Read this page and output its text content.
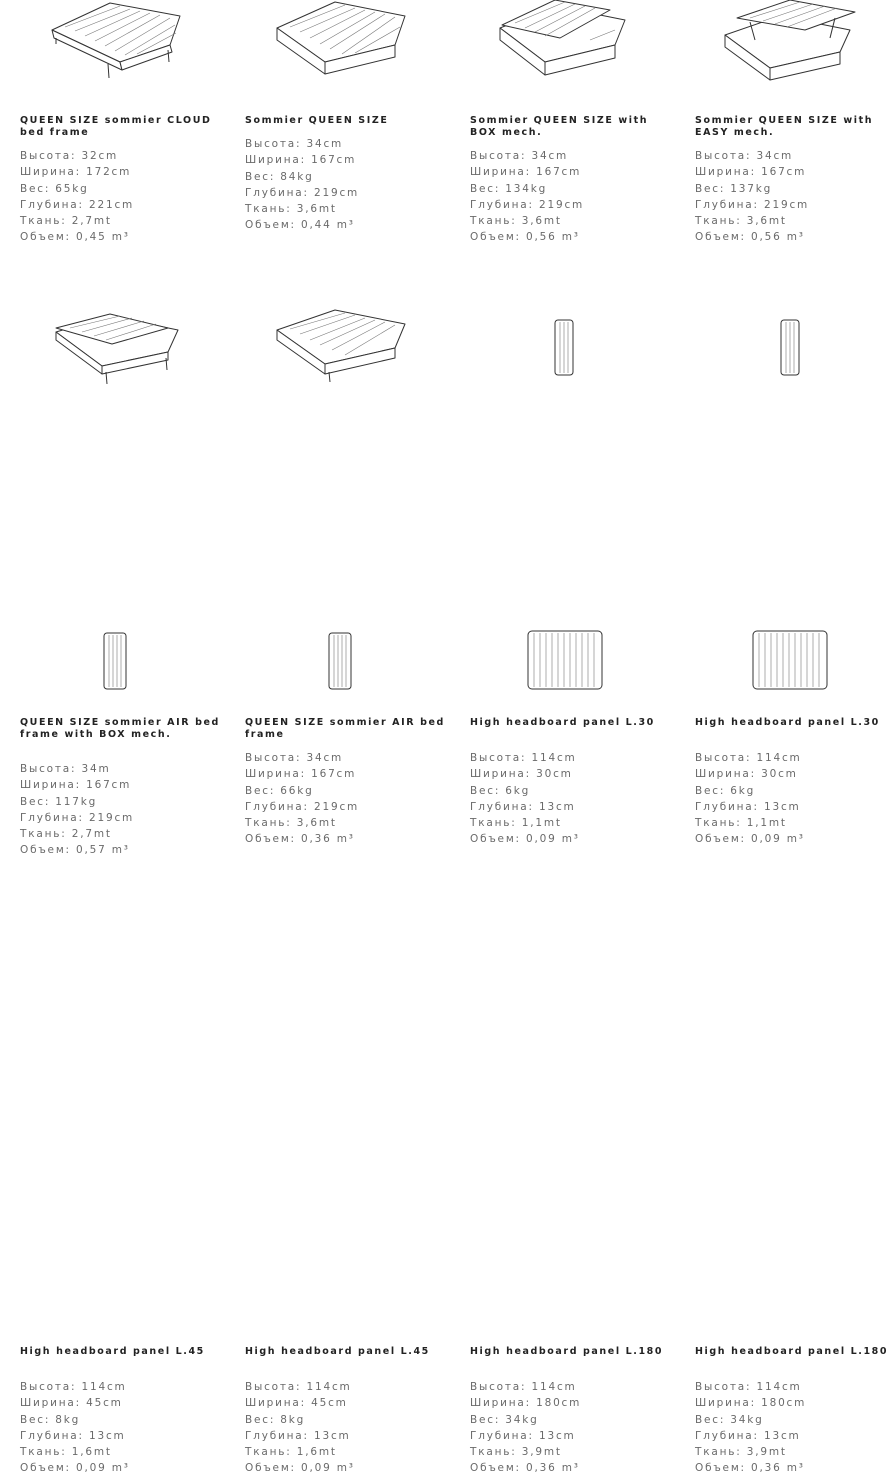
QUEEN SIZE sommier CLOUD bed frame

Высота: 32cm
Ширина: 172cm
Вес: 65kg
Глубина: 221cm
Ткань: 2,7mt
Объем: 0,45 m³

Sommier QUEEN SIZE

Высота: 34cm
Ширина: 167cm
Вес: 84kg
Глубина: 219cm
Ткань: 3,6mt
Объем: 0,44 m³

Sommier QUEEN SIZE with BOX mech.

Высота: 34cm
Ширина: 167cm
Вес: 134kg
Глубина: 219cm
Ткань: 3,6mt
Объем: 0,56 m³

Sommier QUEEN SIZE with EASY mech.

Высота: 34cm
Ширина: 167cm
Вес: 137kg
Глубина: 219cm
Ткань: 3,6mt
Объем: 0,56 m³

QUEEN SIZE sommier AIR bed frame with BOX mech.

Высота: 34m
Ширина: 167cm
Вес: 117kg
Глубина: 219cm
Ткань: 2,7mt
Объем: 0,57 m³

QUEEN SIZE sommier AIR bed frame

Высота: 34cm
Ширина: 167cm
Вес: 66kg
Глубина: 219cm
Ткань: 3,6mt
Объем: 0,36 m³

High headboard panel L.30

Высота: 114cm
Ширина: 30cm
Вес: 6kg
Глубина: 13cm
Ткань: 1,1mt
Объем: 0,09 m³

High headboard panel L.30

Высота: 114cm
Ширина: 30cm
Вес: 6kg
Глубина: 13cm
Ткань: 1,1mt
Объем: 0,09 m³

High headboard panel L.45

Высота: 114cm
Ширина: 45cm
Вес: 8kg
Глубина: 13cm
Ткань: 1,6mt
Объем: 0,09 m³

High headboard panel L.45

Высота: 114cm
Ширина: 45cm
Вес: 8kg
Глубина: 13cm
Ткань: 1,6mt
Объем: 0,09 m³

High headboard panel L.180

Высота: 114cm
Ширина: 180cm
Вес: 34kg
Глубина: 13cm
Ткань: 3,9mt
Объем: 0,36 m³

High headboard panel L.180

Высота: 114cm
Ширина: 180cm
Вес: 34kg
Глубина: 13cm
Ткань: 3,9mt
Объем: 0,36 m³
